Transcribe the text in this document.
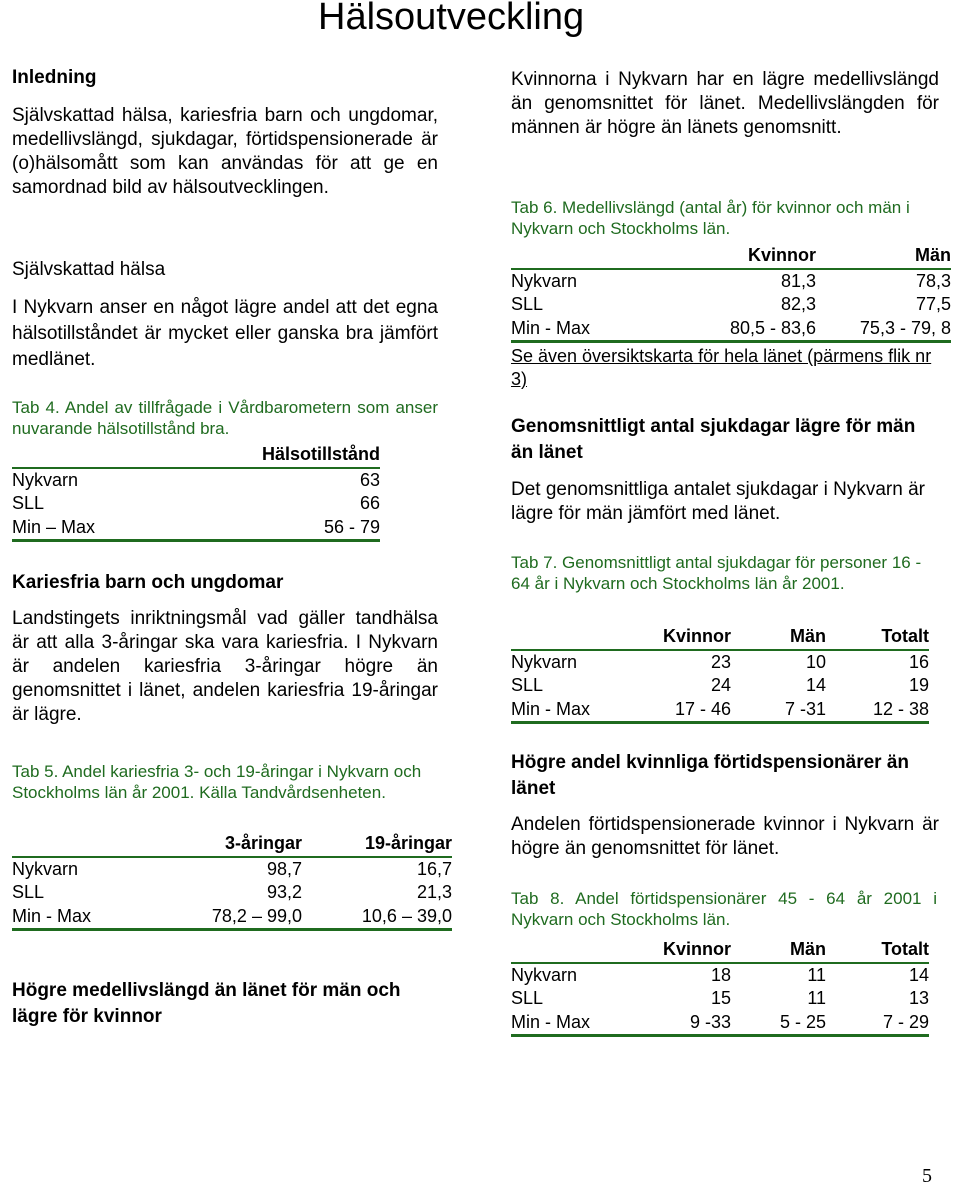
Hälsoutveckling
Inledning
Självskattad hälsa, kariesfria barn och ungdomar, medellivslängd, sjukdagar, förtidspensionerade är (o)hälsomått som kan användas för att ge en samordnad bild av hälsoutvecklingen.
Självskattad hälsa
I Nykvarn anser en något lägre andel att det egna hälsotillståndet är mycket eller ganska bra jämfört medlänet.
Tab 4. Andel av tillfrågade i Vårdbarometern som anser nuvarande hälsotillstånd bra.
	Hälsotillstånd
Nykvarn	63
SLL	66
Min – Max	56 - 79
Kariesfria barn och ungdomar
Landstingets inriktningsmål vad gäller tandhälsa är att alla 3-åringar ska vara kariesfria. I Nykvarn är andelen kariesfria 3-åringar högre än genomsnittet i länet, andelen kariesfria 19-åringar är lägre.
Tab 5. Andel kariesfria 3- och 19-åringar i Nykvarn och Stockholms län år 2001. Källa Tandvårdsenheten.
	3-åringar	19-åringar
Nykvarn	98,7	16,7
SLL	93,2	21,3
Min - Max	78,2 – 99,0	10,6 – 39,0
Högre medellivslängd än länet för män och lägre för kvinnor
Kvinnorna i Nykvarn har en lägre medellivslängd än genomsnittet för länet. Medellivslängden för männen är högre än länets genomsnitt.
Tab 6. Medellivslängd (antal år) för kvinnor och män i Nykvarn och Stockholms län.
	Kvinnor	Män
Nykvarn	81,3	78,3
SLL	82,3	77,5
Min - Max	80,5 - 83,6	75,3 - 79, 8
Se även översiktskarta för hela länet (pärmens flik nr 3)
Genomsnittligt antal sjukdagar lägre för män än länet
Det genomsnittliga antalet sjukdagar i Nykvarn är lägre för män jämfört med länet.
Tab 7. Genomsnittligt antal sjukdagar för personer 16 - 64 år i Nykvarn och Stockholms län år 2001.
	Kvinnor	Män	Totalt
Nykvarn	23	10	16
SLL	24	14	19
Min - Max	17 - 46	7 -31	12 - 38
Högre andel kvinnliga förtidspensionärer än länet
Andelen förtidspensionerade kvinnor i Nykvarn är högre än genomsnittet för länet.
Tab 8. Andel förtidspensionärer 45 - 64 år 2001 i Nykvarn och Stockholms län.
	Kvinnor	Män	Totalt
Nykvarn	18	11	14
SLL	15	11	13
Min - Max	9 -33	5 - 25	7 - 29
5
